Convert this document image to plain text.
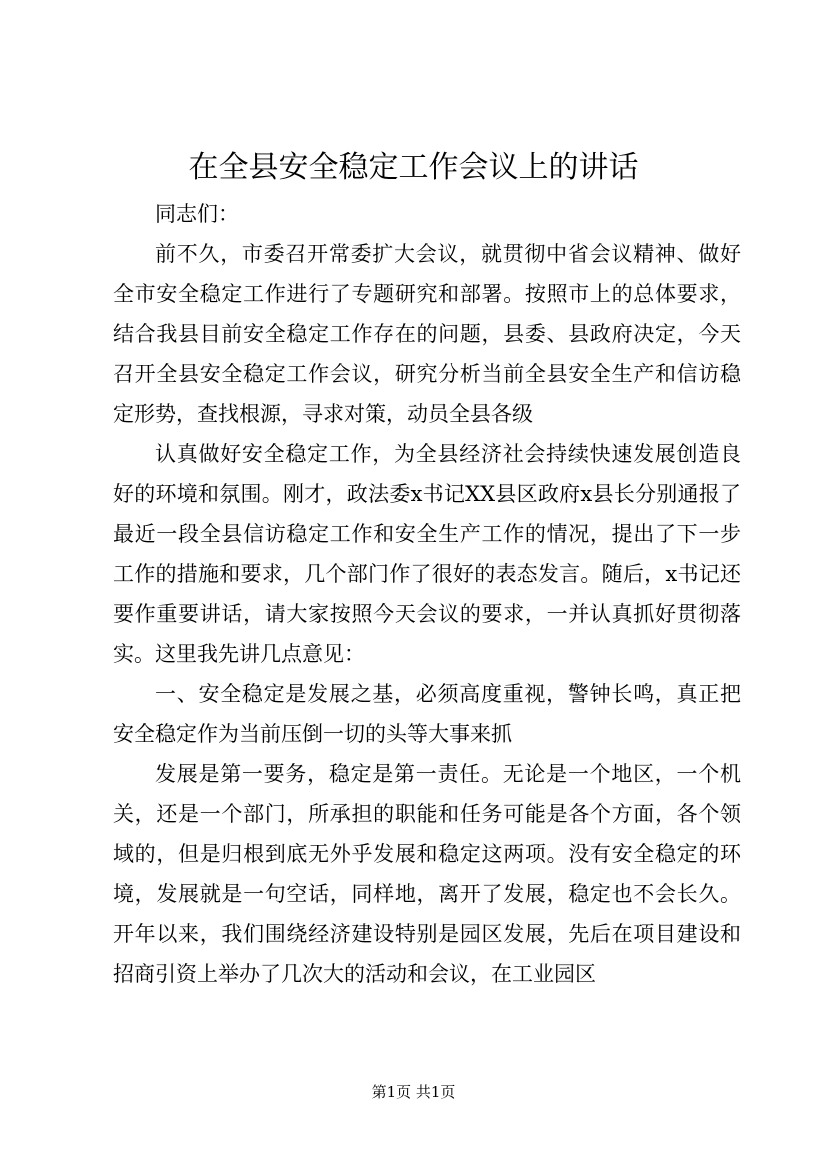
在全县安全稳定工作会议上的讲话

同志们：

前不久，市委召开常委扩大会议，就贯彻中省会议精神、做好全市安全稳定工作进行了专题研究和部署。按照市上的总体要求，结合我县目前安全稳定工作存在的问题，县委、县政府决定，今天召开全县安全稳定工作会议，研究分析当前全县安全生产和信访稳定形势，查找根源，寻求对策，动员全县各级

认真做好安全稳定工作，为全县经济社会持续快速发展创造良好的环境和氛围。刚才，政法委x书记XX县区政府x县长分别通报了最近一段全县信访稳定工作和安全生产工作的情况，提出了下一步工作的措施和要求，几个部门作了很好的表态发言。随后，x书记还要作重要讲话，请大家按照今天会议的要求，一并认真抓好贯彻落实。这里我先讲几点意见：

一、安全稳定是发展之基，必须高度重视，警钟长鸣，真正把安全稳定作为当前压倒一切的头等大事来抓

发展是第一要务，稳定是第一责任。无论是一个地区，一个机关，还是一个部门，所承担的职能和任务可能是各个方面，各个领域的，但是归根到底无外乎发展和稳定这两项。没有安全稳定的环境，发展就是一句空话，同样地，离开了发展，稳定也不会长久。开年以来，我们围绕经济建设特别是园区发展，先后在项目建设和招商引资上举办了几次大的活动和会议，在工业园区

第1页 共1页
